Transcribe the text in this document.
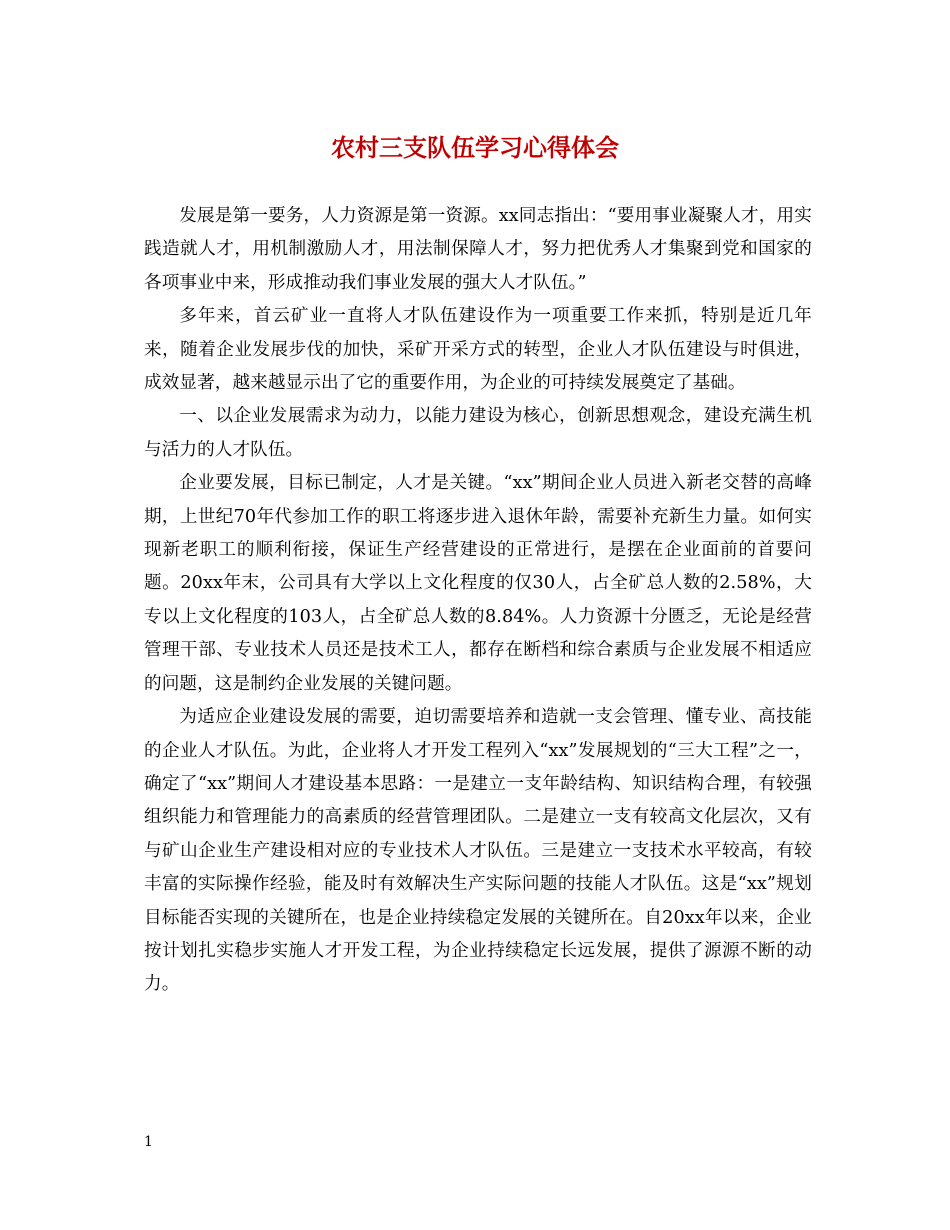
农村三支队伍学习心得体会

发展是第一要务，人力资源是第一资源。xx同志指出：“要用事业凝聚人才，用实践造就人才，用机制激励人才，用法制保障人才，努力把优秀人才集聚到党和国家的各项事业中来，形成推动我们事业发展的强大人才队伍。”

多年来，首云矿业一直将人才队伍建设作为一项重要工作来抓，特别是近几年来，随着企业发展步伐的加快，采矿开采方式的转型，企业人才队伍建设与时俱进，成效显著，越来越显示出了它的重要作用，为企业的可持续发展奠定了基础。

一、以企业发展需求为动力，以能力建设为核心，创新思想观念，建设充满生机与活力的人才队伍。

企业要发展，目标已制定，人才是关键。“xx”期间企业人员进入新老交替的高峰期，上世纪70年代参加工作的职工将逐步进入退休年龄，需要补充新生力量。如何实现新老职工的顺利衔接，保证生产经营建设的正常进行，是摆在企业面前的首要问题。20xx年末，公司具有大学以上文化程度的仅30人，占全矿总人数的2.58%，大专以上文化程度的103人，占全矿总人数的8.84%。人力资源十分匮乏，无论是经营管理干部、专业技术人员还是技术工人，都存在断档和综合素质与企业发展不相适应的问题，这是制约企业发展的关键问题。

为适应企业建设发展的需要，迫切需要培养和造就一支会管理、懂专业、高技能的企业人才队伍。为此，企业将人才开发工程列入“xx”发展规划的“三大工程”之一，确定了“xx”期间人才建设基本思路：一是建立一支年龄结构、知识结构合理，有较强组织能力和管理能力的高素质的经营管理团队。二是建立一支有较高文化层次，又有与矿山企业生产建设相对应的专业技术人才队伍。三是建立一支技术水平较高，有较丰富的实际操作经验，能及时有效解决生产实际问题的技能人才队伍。这是“xx”规划目标能否实现的关键所在，也是企业持续稳定发展的关键所在。自20xx年以来，企业按计划扎实稳步实施人才开发工程，为企业持续稳定长远发展，提供了源源不断的动力。

1
